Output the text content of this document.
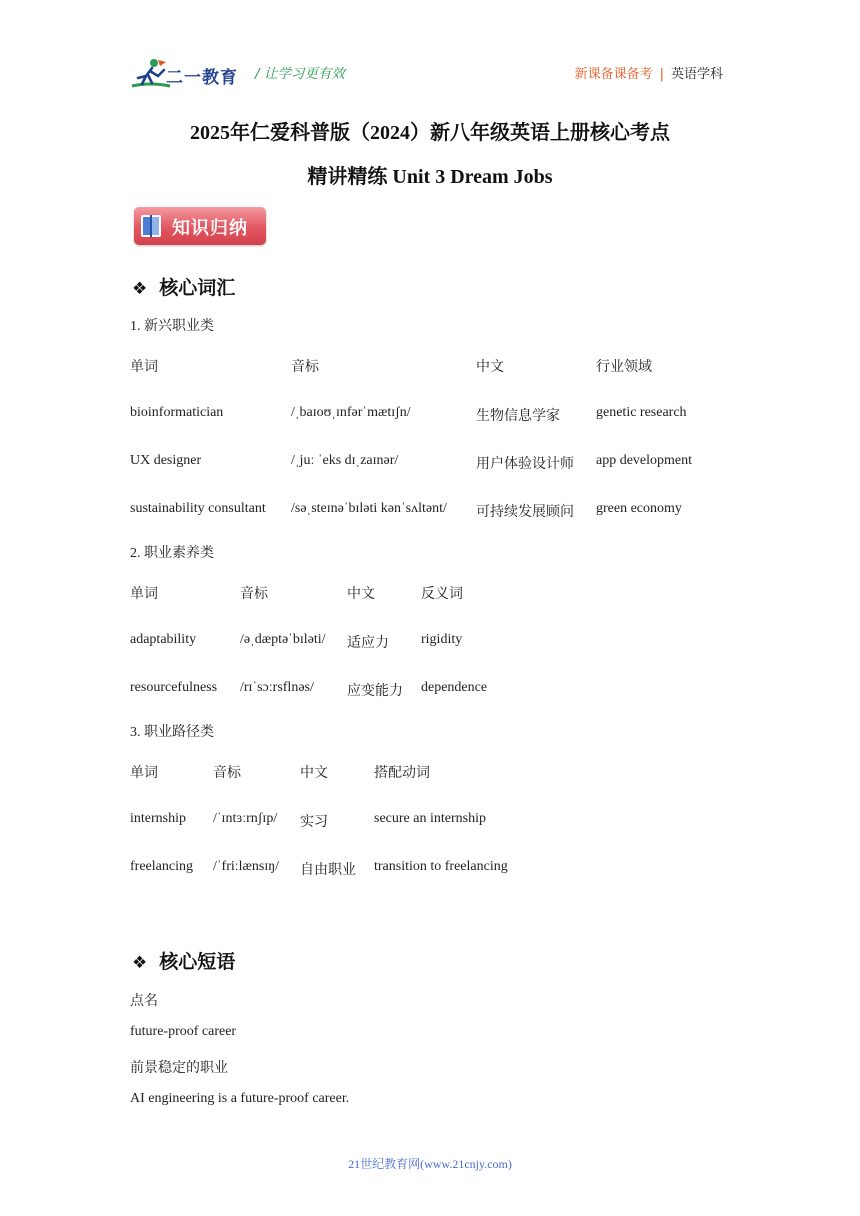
二一教育 / 让学习更有效	新课备课备考 | 英语学科
2025年仁爱科普版（2024）新八年级英语上册核心考点
精讲精练 Unit 3 Dream Jobs
知识归纳
❖ 核心词汇
1. 新兴职业类
单词	音标	中文	行业领域
bioinformatician	/ˌbaɪoʊˌɪnfərˈmætɪʃn/	生物信息学家	genetic research
UX designer	/ˌjuː ˈeks dɪˌzaɪnər/	用户体验设计师 app development
sustainability consultant /səˌsteɪnəˈbɪləti kənˈsʌltənt/ 可持续发展顾问 green economy
2. 职业素养类
单词	音标	中文	反义词
adaptability	/əˌdæptəˈbɪləti/ 适应力 rigidity
resourcefulness /rɪˈsɔːrsflnəs/ 应变能力 dependence
3. 职业路径类
单词	音标	中文	搭配动词
internship /ˈɪntɜːrnʃɪp/ 实习	secure an internship
freelancing /ˈfriːlænsɪŋ/ 自由职业 transition to freelancing
❖ 核心短语
点名
future-proof career
前景稳定的职业
AI engineering is a future-proof career.
21世纪教育网(www.21cnjy.com)
